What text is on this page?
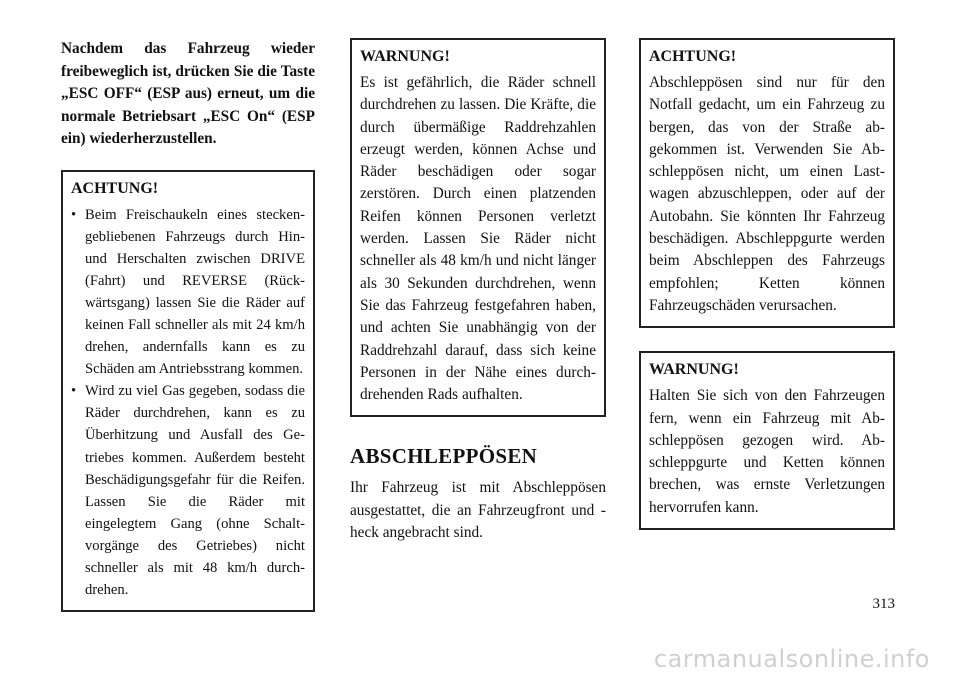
Nachdem das Fahrzeug wieder freibeweglich ist, drücken Sie die Taste „ESC OFF“ (ESP aus) erneut, um die normale Betriebsart „ESC On“ (ESP ein) wiederherzustellen.

ACHTUNG!
• Beim Freischaukeln eines steckengebliebenen Fahrzeugs durch Hin- und Herschalten zwischen DRIVE (Fahrt) und REVERSE (Rückwärtsgang) lassen Sie die Räder auf keinen Fall schneller als mit 24 km/h drehen, andernfalls kann es zu Schäden am Antriebsstrang kommen.
• Wird zu viel Gas gegeben, sodass die Räder durchdrehen, kann es zu Überhitzung und Ausfall des Getriebes kommen. Außerdem besteht Beschädigungsgefahr für die Reifen. Lassen Sie die Räder mit eingelegtem Gang (ohne Schaltvorgänge des Getriebes) nicht schneller als mit 48 km/h durchdrehen.
WARNUNG!

Es ist gefährlich, die Räder schnell durchdrehen zu lassen. Die Kräfte, die durch übermäßige Raddrehzahlen erzeugt werden, können Achse und Räder beschädigen oder sogar zerstören. Durch einen platzenden Reifen können Personen verletzt werden. Lassen Sie Räder nicht schneller als 48 km/h und nicht länger als 30 Sekunden durchdrehen, wenn Sie das Fahrzeug festgefahren haben, und achten Sie unabhängig von der Raddrehzahl darauf, dass sich keine Personen in der Nähe eines durchdrehenden Rads aufhalten.

ABSCHLEPPÖSEN

Ihr Fahrzeug ist mit Abschleppösen ausgestattet, die an Fahrzeugfront und -heck angebracht sind.

ACHTUNG!

Abschleppösen sind nur für den Notfall gedacht, um ein Fahrzeug zu bergen, das von der Straße abgekommen ist. Verwenden Sie Abschleppösen nicht, um einen Lastwagen abzuschleppen, oder auf der Autobahn. Sie könnten Ihr Fahrzeug beschädigen. Abschleppgurte werden beim Abschleppen des Fahrzeugs empfohlen; Ketten können Fahrzeugschäden verursachen.

WARNUNG!

Halten Sie sich von den Fahrzeugen fern, wenn ein Fahrzeug mit Abschleppösen gezogen wird. Abschleppgurte und Ketten können brechen, was ernste Verletzungen hervorrufen kann.

313
carmanualsonline.info
